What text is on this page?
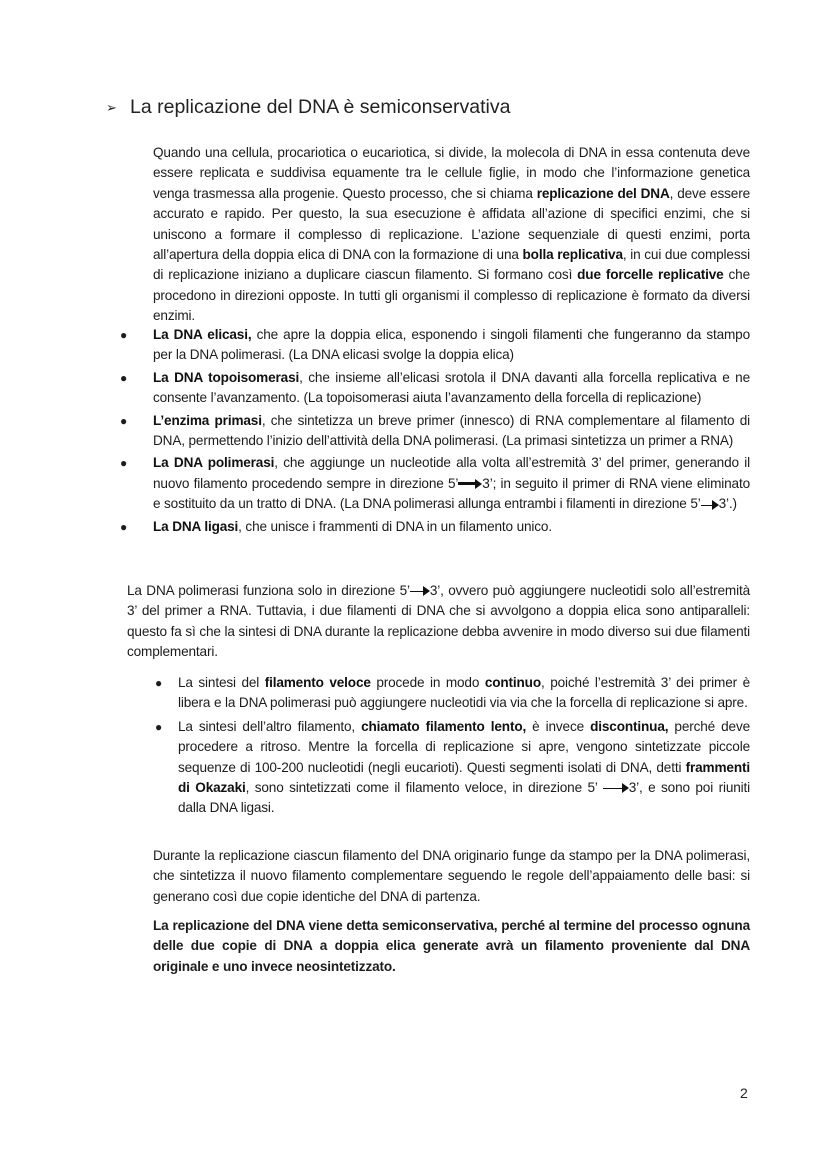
➢ La replicazione del DNA è semiconservativa

Quando una cellula, procariotica o eucariotica, si divide, la molecola di DNA in essa contenuta deve essere replicata e suddivisa equamente tra le cellule figlie, in modo che l’informazione genetica venga trasmessa alla progenie. Questo processo, che si chiama replicazione del DNA, deve essere accurato e rapido. Per questo, la sua esecuzione è affidata all’azione di specifici enzimi, che si uniscono a formare il complesso di replicazione. L’azione sequenziale di questi enzimi, porta all’apertura della doppia elica di DNA con la formazione di una bolla replicativa, in cui due complessi di replicazione iniziano a duplicare ciascun filamento. Si formano così due forcelle replicative che procedono in direzioni opposte. In tutti gli organismi il complesso di replicazione è formato da diversi enzimi.

● La DNA elicasi, che apre la doppia elica, esponendo i singoli filamenti che fungeranno da stampo per la DNA polimerasi. (La DNA elicasi svolge la doppia elica)
● La DNA topoisomerasi, che insieme all’elicasi srotola il DNA davanti alla forcella replicativa e ne consente l’avanzamento. (La topoisomerasi aiuta l’avanzamento della forcella di replicazione)
● L’enzima primasi, che sintetizza un breve primer (innesco) di RNA complementare al filamento di DNA, permettendo l’inizio dell’attività della DNA polimerasi. (La primasi sintetizza un primer a RNA)
● La DNA polimerasi, che aggiunge un nucleotide alla volta all’estremità 3’ del primer, generando il nuovo filamento procedendo sempre in direzione 5’ 3’; in seguito il primer di RNA viene eliminato e sostituito da un tratto di DNA. (La DNA polimerasi allunga entrambi i filamenti in direzione 5’ 3’.)
● La DNA ligasi, che unisce i frammenti di DNA in un filamento unico.

La DNA polimerasi funziona solo in direzione 5’ 3’, ovvero può aggiungere nucleotidi solo all’estremità 3’ del primer a RNA. Tuttavia, i due filamenti di DNA che si avvolgono a doppia elica sono antiparalleli: questo fa sì che la sintesi di DNA durante la replicazione debba avvenire in modo diverso sui due filamenti complementari.

● La sintesi del filamento veloce procede in modo continuo, poiché l’estremità 3’ dei primer è libera e la DNA polimerasi può aggiungere nucleotidi via via che la forcella di replicazione si apre.
● La sintesi dell’altro filamento, chiamato filamento lento, è invece discontinua, perché deve procedere a ritroso. Mentre la forcella di replicazione si apre, vengono sintetizzate piccole sequenze di 100-200 nucleotidi (negli eucarioti). Questi segmenti isolati di DNA, detti frammenti di Okazaki, sono sintetizzati come il filamento veloce, in direzione 5’
3’, e sono poi riuniti dalla DNA ligasi.

Durante la replicazione ciascun filamento del DNA originario funge da stampo per la DNA polimerasi, che sintetizza il nuovo filamento complementare seguendo le regole dell’appaiamento delle basi: si generano così due copie identiche del DNA di partenza.

La replicazione del DNA viene detta semiconservativa, perché al termine del processo ognuna delle due copie di DNA a doppia elica generate avrà un filamento proveniente dal DNA originale e uno invece neosintetizzato.

2
